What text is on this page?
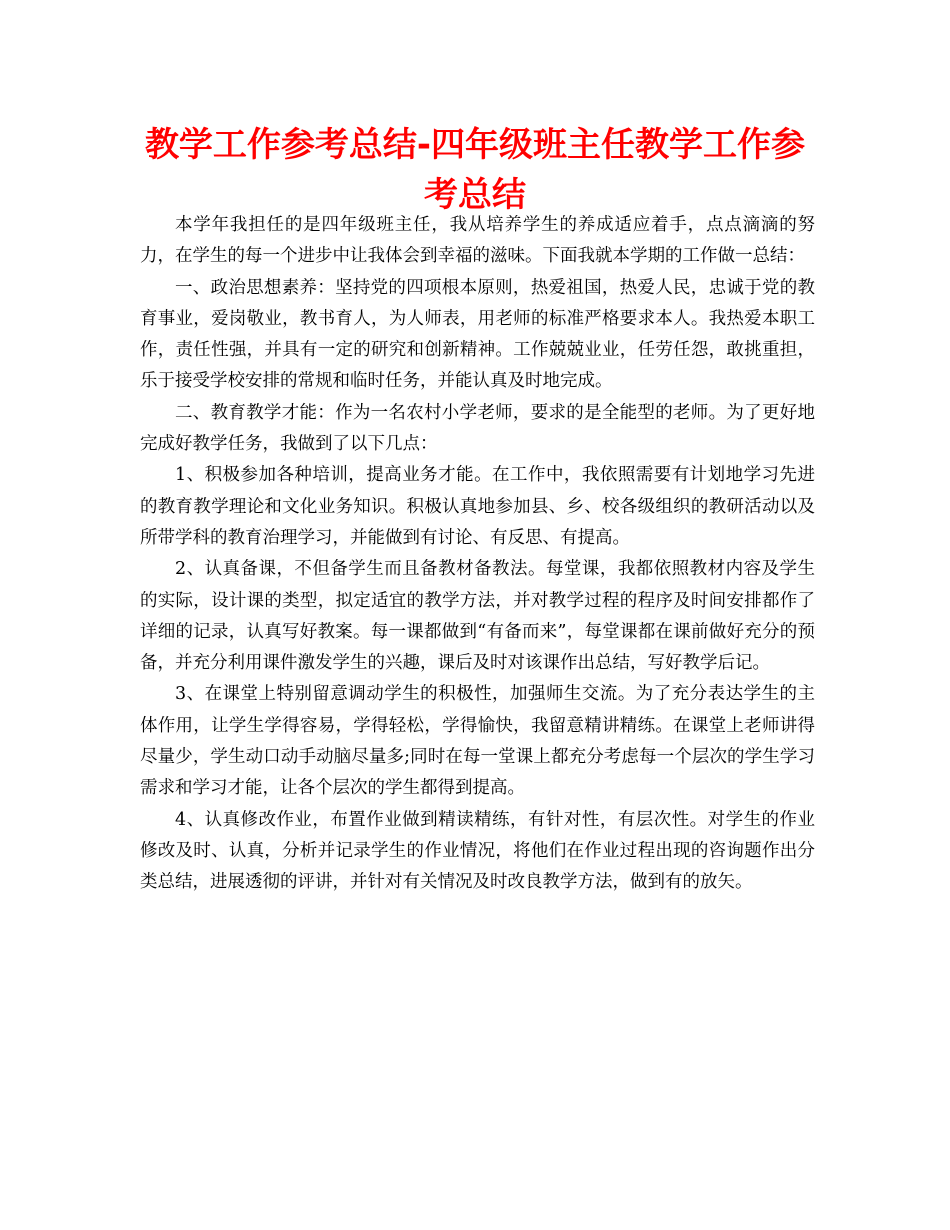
教学工作参考总结-四年级班主任教学工作参考总结

本学年我担任的是四年级班主任，我从培养学生的养成适应着手，点点滴滴的努力，在学生的每一个进步中让我体会到幸福的滋味。下面我就本学期的工作做一总结：

一、政治思想素养：坚持党的四项根本原则，热爱祖国，热爱人民，忠诚于党的教育事业，爱岗敬业，教书育人，为人师表，用老师的标准严格要求本人。我热爱本职工作，责任性强，并具有一定的研究和创新精神。工作兢兢业业，任劳任怨，敢挑重担，乐于接受学校安排的常规和临时任务，并能认真及时地完成。

二、教育教学才能：作为一名农村小学老师，要求的是全能型的老师。为了更好地完成好教学任务，我做到了以下几点：

1、积极参加各种培训，提高业务才能。在工作中，我依照需要有计划地学习先进的教育教学理论和文化业务知识。积极认真地参加县、乡、校各级组织的教研活动以及所带学科的教育治理学习，并能做到有讨论、有反思、有提高。

2、认真备课，不但备学生而且备教材备教法。每堂课，我都依照教材内容及学生的实际，设计课的类型，拟定适宜的教学方法，并对教学过程的程序及时间安排都作了详细的记录，认真写好教案。每一课都做到“有备而来”，每堂课都在课前做好充分的预备，并充分利用课件激发学生的兴趣，课后及时对该课作出总结，写好教学后记。

3、在课堂上特别留意调动学生的积极性，加强师生交流。为了充分表达学生的主体作用，让学生学得容易，学得轻松，学得愉快，我留意精讲精练。在课堂上老师讲得尽量少，学生动口动手动脑尽量多;同时在每一堂课上都充分考虑每一个层次的学生学习需求和学习才能，让各个层次的学生都得到提高。

4、认真修改作业，布置作业做到精读精练，有针对性，有层次性。对学生的作业修改及时、认真，分析并记录学生的作业情况，将他们在作业过程出现的咨询题作出分类总结，进展透彻的评讲，并针对有关情况及时改良教学方法，做到有的放矢。
